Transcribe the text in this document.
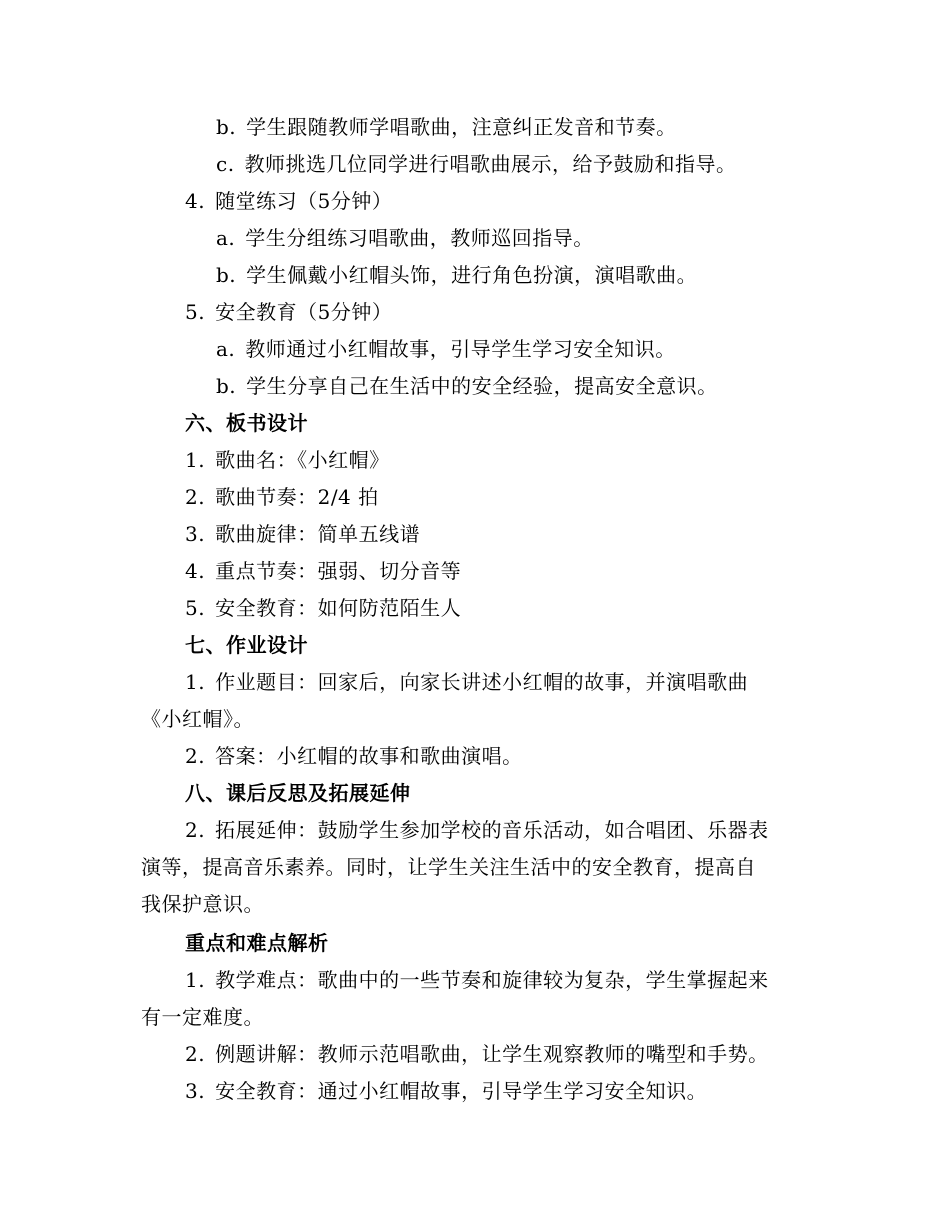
b. 学生跟随教师学唱歌曲，注意纠正发音和节奏。
c. 教师挑选几位同学进行唱歌曲展示，给予鼓励和指导。
4. 随堂练习（5分钟）
a. 学生分组练习唱歌曲，教师巡回指导。
b. 学生佩戴小红帽头饰，进行角色扮演，演唱歌曲。
5. 安全教育（5分钟）
a. 教师通过小红帽故事，引导学生学习安全知识。
b. 学生分享自己在生活中的安全经验，提高安全意识。
六、板书设计
1. 歌曲名：《小红帽》
2. 歌曲节奏：2/4 拍
3. 歌曲旋律：简单五线谱
4. 重点节奏：强弱、切分音等
5. 安全教育：如何防范陌生人
七、作业设计
1. 作业题目：回家后，向家长讲述小红帽的故事，并演唱歌曲
《小红帽》。
2. 答案：小红帽的故事和歌曲演唱。
八、课后反思及拓展延伸
2. 拓展延伸：鼓励学生参加学校的音乐活动，如合唱团、乐器表
演等，提高音乐素养。同时，让学生关注生活中的安全教育，提高自
我保护意识。
重点和难点解析
1. 教学难点：歌曲中的一些节奏和旋律较为复杂，学生掌握起来
有一定难度。
2. 例题讲解：教师示范唱歌曲，让学生观察教师的嘴型和手势。
3. 安全教育：通过小红帽故事，引导学生学习安全知识。
